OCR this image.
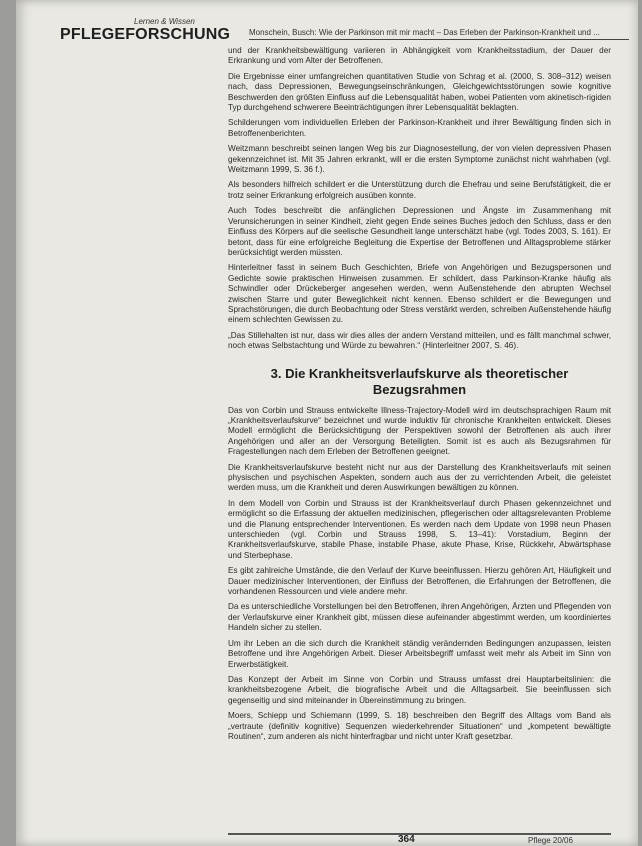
PFLEGEFORSCHUNG
Lernen & Wissen
Monschein, Busch: Wie der Parkinson mit mir macht – Das Erleben der Parkinson-Krankheit und ...

und der Krankheitsbewältigung variieren in Abhängigkeit vom Krankheitsstadium, der Dauer der Erkrankung und vom Alter der Betroffenen.

Die Ergebnisse einer umfangreichen quantitativen Studie von Schrag et al. (2000, S. 308–312) weisen nach, dass Depressionen, Bewegungseinschränkungen, Gleichgewichtsstörungen sowie kognitive Beschwerden den größten Einfluss auf die Lebensqualität haben, wobei Patienten vom akinetisch-rigiden Typ durchgehend schwerere Beeinträchtigungen ihrer Lebensqualität beklagten.

Schilderungen vom individuellen Erleben der Parkinson-Krankheit und ihrer Bewältigung finden sich in Betroffenenberichten.

Weitzmann beschreibt seinen langen Weg bis zur Diagnosestellung, der von vielen depressiven Phasen gekennzeichnet ist. Mit 35 Jahren erkrankt, will er die ersten Symptome zunächst nicht wahrhaben (vgl. Weitzmann 1999, S. 36 f.).

Als besonders hilfreich schildert er die Unterstützung durch die Ehefrau und seine Berufstätigkeit, die er trotz seiner Erkrankung erfolgreich ausüben konnte.

Auch Todes beschreibt die anfänglichen Depressionen und Ängste im Zusammenhang mit Verunsicherungen in seiner Kindheit, zieht gegen Ende seines Buches jedoch den Schluss, dass er den Einfluss des Körpers auf die seelische Gesundheit lange unterschätzt habe (vgl. Todes 2003, S. 161). Er betont, dass für eine erfolgreiche Begleitung die Expertise der Betroffenen und Alltagsprobleme stärker berücksichtigt werden müssten.

Hinterleitner fasst in seinem Buch Geschichten, Briefe von Angehörigen und Bezugspersonen und Gedichte sowie praktischen Hinweisen zusammen. Er schildert, dass Parkinson-Kranke häufig als Schwindler oder Drückeberger angesehen werden, wenn Außenstehende den abrupten Wechsel zwischen Starre und guter Beweglichkeit nicht kennen. Ebenso schildert er die Bewegungen und Sprachstörungen, die durch Beobachtung oder Stress verstärkt werden, schreiben Außenstehende häufig einem schlechten Gewissen zu.

„Das Stillehalten ist nur, dass wir dies alles der andern Verstand mitteilen, und es fällt manchmal schwer, noch etwas Selbstachtung und Würde zu bewahren.“ (Hinterleitner 2007, S. 46).

3. Die Krankheitsverlaufskurve als theoretischer Bezugsrahmen

Das von Corbin und Strauss entwickelte Illness-Trajectory-Modell wird im deutschsprachigen Raum mit „Krankheitsverlaufskurve“ bezeichnet und wurde induktiv für chronische Krankheiten entwickelt. Dieses Modell ermöglicht die Berücksichtigung der Perspektiven sowohl der Betroffenen als auch ihrer Angehörigen und aller an der Versorgung Beteiligten. Somit ist es auch als Bezugsrahmen für Fragestellungen nach dem Erleben der Betroffenen geeignet.

Die Krankheitsverlaufskurve besteht nicht nur aus der Darstellung des Krankheitsverlaufs mit seinen physischen und psychischen Aspekten, sondern auch aus der zu verrichtenden Arbeit, die geleistet werden muss, um die Krankheit und deren Auswirkungen bewältigen zu können.

In dem Modell von Corbin und Strauss ist der Krankheitsverlauf durch Phasen gekennzeichnet und ermöglicht so die Erfassung der aktuellen medizinischen, pflegerischen oder alltagsrelevanten Probleme und die Planung entsprechender Interventionen. Es werden nach dem Update von 1998 neun Phasen unterschieden (vgl. Corbin und Strauss 1998, S. 13–41): Vorstadium, Beginn der Krankheitsverlaufskurve, stabile Phase, instabile Phase, akute Phase, Krise, Rückkehr, Abwärtsphase und Sterbephase.

Es gibt zahlreiche Umstände, die den Verlauf der Kurve beeinflussen. Hierzu gehören Art, Häufigkeit und Dauer medizinischer Interventionen, der Einfluss der Betroffenen, die Erfahrungen der Betroffenen, die vorhandenen Ressourcen und viele andere mehr.

Da es unterschiedliche Vorstellungen bei den Betroffenen, ihren Angehörigen, Ärzten und Pflegenden von der Verlaufskurve einer Krankheit gibt, müssen diese aufeinander abgestimmt werden, um koordiniertes Handeln sicher zu stellen.

Um ihr Leben an die sich durch die Krankheit ständig verändernden Bedingungen anzupassen, leisten Betroffene und ihre Angehörigen Arbeit. Dieser Arbeitsbegriff umfasst weit mehr als Arbeit im Sinn von Erwerbstätigkeit.

Das Konzept der Arbeit im Sinne von Corbin und Strauss umfasst drei Hauptarbeitslinien: die krankheitsbezogene Arbeit, die biografische Arbeit und die Alltagsarbeit. Sie beeinflussen sich gegenseitig und sind miteinander in Übereinstimmung zu bringen.

Moers, Schiepp und Schiemann (1999, S. 18) beschreiben den Begriff des Alltags vom Band als „vertraute (definitiv kognitive) Sequenzen wiederkehrender Situationen“ und „kompetent bewältigte Routinen“, zum anderen als nicht hinterfragbar und nicht unter Kraft gesetzbar.

364	Pflege 20/06
